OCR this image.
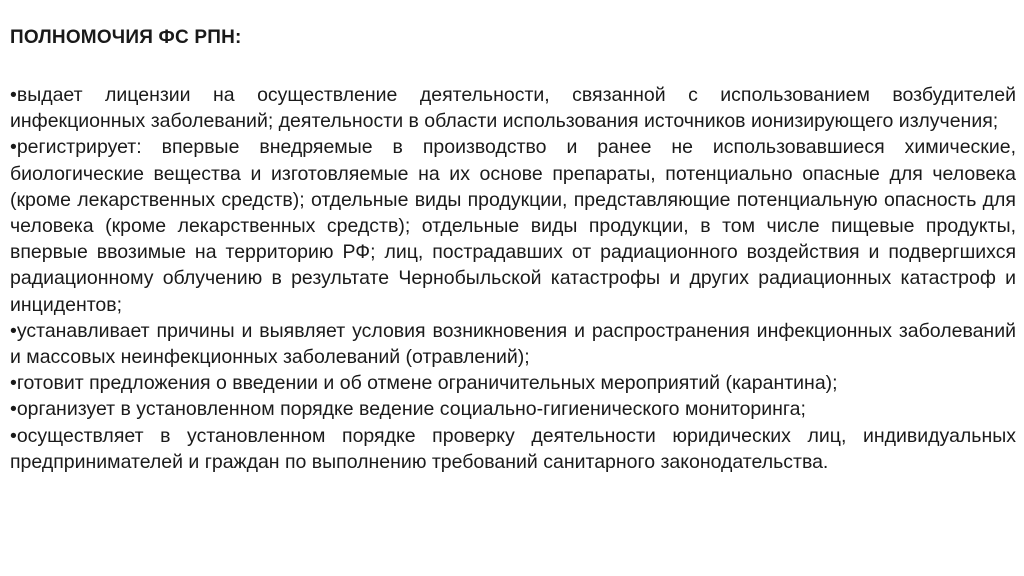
ПОЛНОМОЧИЯ ФС РПН:
•выдает лицензии на осуществление деятельности, связанной с использованием возбудителей инфекционных заболеваний; деятельности в области использования источников ионизирующего излучения;
•регистрирует: впервые внедряемые в производство и ранее не использовавшиеся химические, биологические вещества и изготовляемые на их основе препараты, потенциально опасные для человека (кроме лекарственных средств); отдельные виды продукции, представляющие потенциальную опасность для человека (кроме лекарственных средств); отдельные виды продукции, в том числе пищевые продукты, впервые ввозимые на территорию РФ; лиц, пострадавших от радиационного воздействия и подвергшихся радиационному облучению в результате Чернобыльской катастрофы и других радиационных катастроф и инцидентов;
•устанавливает причины и выявляет условия возникновения и распространения инфекционных заболеваний и массовых неинфекционных заболеваний (отравлений);
•готовит предложения о введении и об отмене ограничительных мероприятий (карантина);
•организует в установленном порядке ведение социально-гигиенического мониторинга;
•осуществляет в установленном порядке проверку деятельности юридических лиц, индивидуальных предпринимателей и граждан по выполнению требований санитарного законодательства.
